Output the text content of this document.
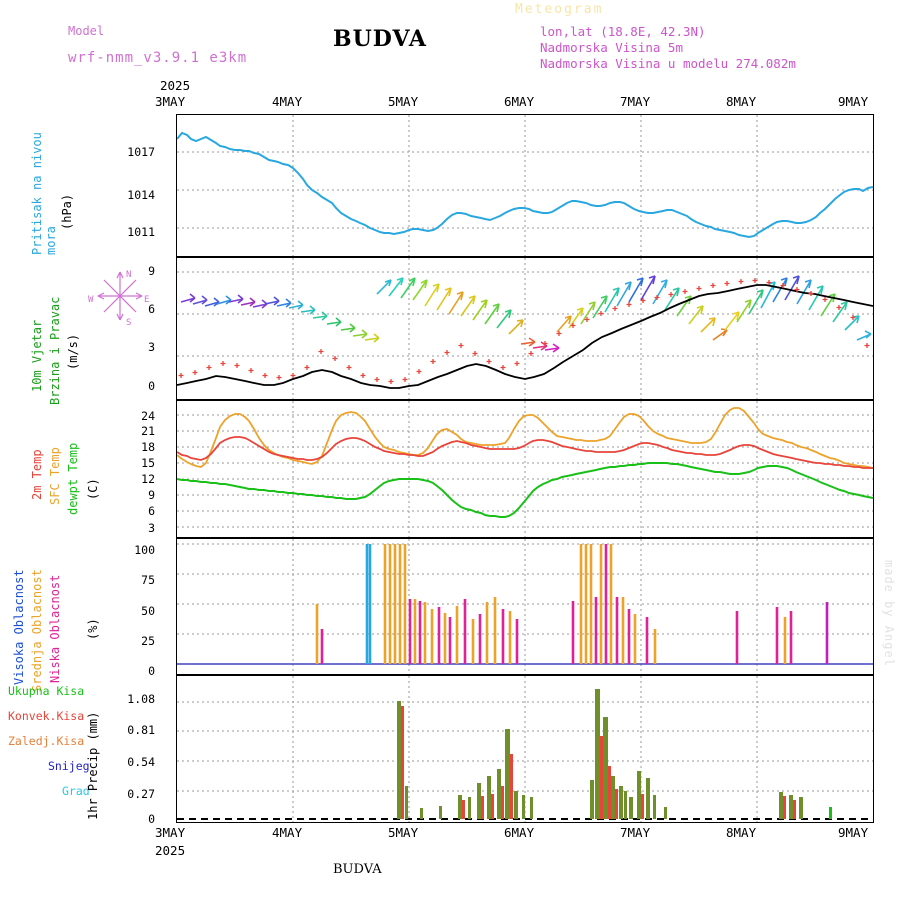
Meteogram
Model
wrf-nmm_v3.9.1 e3km
BUDVA	lon,lat (18.8E, 42.3N)
Nadmorska Visina 5m
Nadmorska Visina u modelu 274.082m
made by Angel
2025
3MAY	4MAY	5MAY	6MAY	7MAY	8MAY	9MAY
Pritisak na nivou mora
(hPa)
1017
1014
1011
10m Vjetar Brzina i Pravac (m/s)
9
6
3
0
N
S
E
W
2m Temp SFC Temp dewpt Temp (C)
24
21
18
15
12
9
6
3
Visoka Oblacnost Srednja Oblacnost Niska Oblacnost (%)
100
75
50
25
0
Ukupna Kisa
Konvek.Kisa
Zaledj.Kisa
Snijeg
Grad
1hr Precip (mm)
1.08
0.81
0.54
0.27
0
3MAY	4MAY	5MAY	6MAY	7MAY	8MAY	9MAY
2025
BUDVA
